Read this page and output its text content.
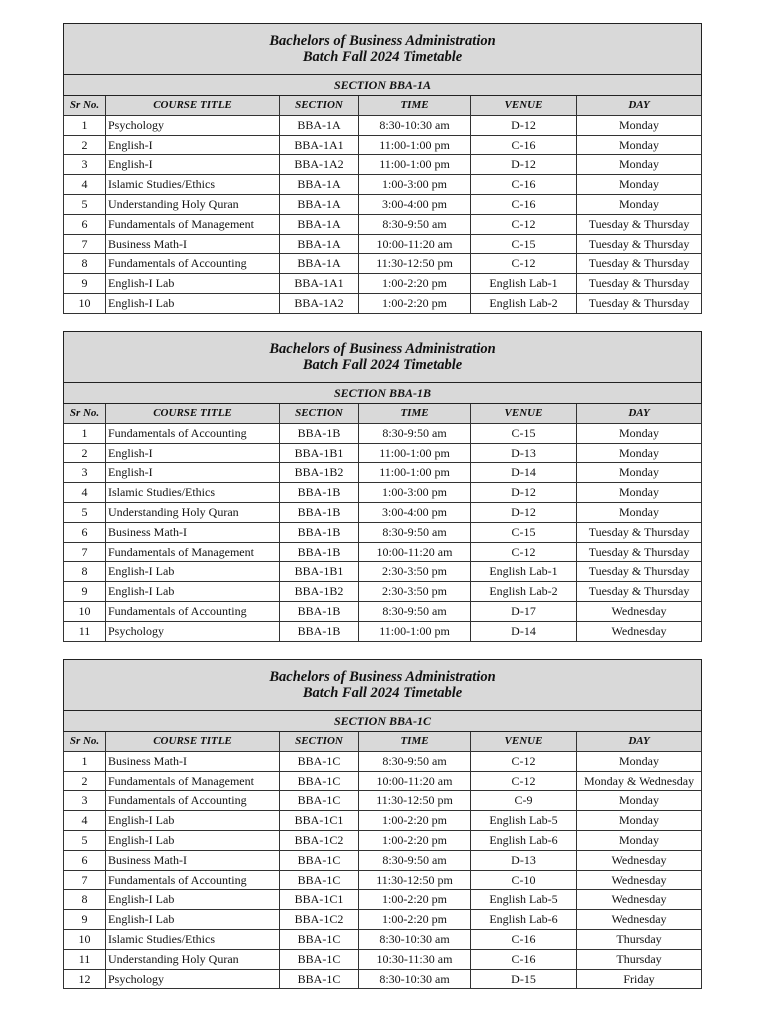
Bachelors of Business Administration
Batch Fall 2024 Timetable					

SECTION BBA-1A					
Sr No.	COURSE TITLE	SECTION	TIME	VENUE	DAY
1	Psychology	BBA-1A	8:30-10:30 am	D-12	Monday
2	English-I	BBA-1A1	11:00-1:00 pm	C-16	Monday
3	English-I	BBA-1A2	11:00-1:00 pm	D-12	Monday
4	Islamic Studies/Ethics	BBA-1A	1:00-3:00 pm	C-16	Monday
5	Understanding Holy Quran	BBA-1A	3:00-4:00 pm	C-16	Monday
6	Fundamentals of Management	BBA-1A	8:30-9:50 am	C-12	Tuesday & Thursday
7	Business Math-I	BBA-1A	10:00-11:20 am	C-15	Tuesday & Thursday
8	Fundamentals of Accounting	BBA-1A	11:30-12:50 pm	C-12	Tuesday & Thursday
9	English-I Lab	BBA-1A1	1:00-2:20 pm	English Lab-1	Tuesday & Thursday
10	English-I Lab	BBA-1A2	1:00-2:20 pm	English Lab-2	Tuesday & Thursday
Bachelors of Business Administration
Batch Fall 2024 Timetable					

SECTION BBA-1B					
Sr No.	COURSE TITLE	SECTION	TIME	VENUE	DAY
1	Fundamentals of Accounting	BBA-1B	8:30-9:50 am	C-15	Monday
2	English-I	BBA-1B1	11:00-1:00 pm	D-13	Monday
3	English-I	BBA-1B2	11:00-1:00 pm	D-14	Monday
4	Islamic Studies/Ethics	BBA-1B	1:00-3:00 pm	D-12	Monday
5	Understanding Holy Quran	BBA-1B	3:00-4:00 pm	D-12	Monday
6	Business Math-I	BBA-1B	8:30-9:50 am	C-15	Tuesday & Thursday
7	Fundamentals of Management	BBA-1B	10:00-11:20 am	C-12	Tuesday & Thursday
8	English-I Lab	BBA-1B1	2:30-3:50 pm	English Lab-1	Tuesday & Thursday
9	English-I Lab	BBA-1B2	2:30-3:50 pm	English Lab-2	Tuesday & Thursday
10	Fundamentals of Accounting	BBA-1B	8:30-9:50 am	D-17	Wednesday
11	Psychology	BBA-1B	11:00-1:00 pm	D-14	Wednesday
Bachelors of Business Administration
Batch Fall 2024 Timetable					

SECTION BBA-1C					
Sr No.	COURSE TITLE	SECTION	TIME	VENUE	DAY
1	Business Math-I	BBA-1C	8:30-9:50 am	C-12	Monday
2	Fundamentals of Management	BBA-1C	10:00-11:20 am	C-12	Monday & Wednesday
3	Fundamentals of Accounting	BBA-1C	11:30-12:50 pm	C-9	Monday
4	English-I Lab	BBA-1C1	1:00-2:20 pm	English Lab-5	Monday
5	English-I Lab	BBA-1C2	1:00-2:20 pm	English Lab-6	Monday
6	Business Math-I	BBA-1C	8:30-9:50 am	D-13	Wednesday
7	Fundamentals of Accounting	BBA-1C	11:30-12:50 pm	C-10	Wednesday
8	English-I Lab	BBA-1C1	1:00-2:20 pm	English Lab-5	Wednesday
9	English-I Lab	BBA-1C2	1:00-2:20 pm	English Lab-6	Wednesday
10	Islamic Studies/Ethics	BBA-1C	8:30-10:30 am	C-16	Thursday
11	Understanding Holy Quran	BBA-1C	10:30-11:30 am	C-16	Thursday
12	Psychology	BBA-1C	8:30-10:30 am	D-15	Friday
